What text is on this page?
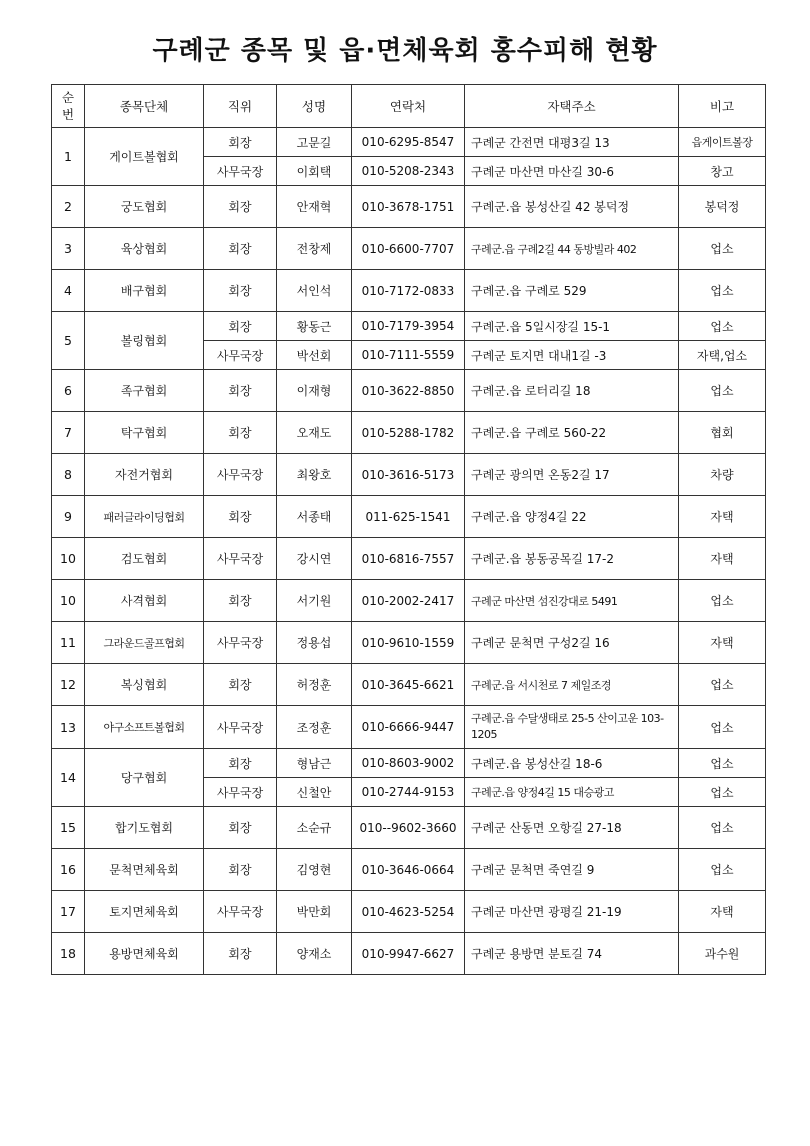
구례군 종목 및 읍·면체육회 홍수피해 현황
순
번	종목단체	직위	성명	연락처	자택주소	비고
1	게이트볼협회	회장	고문길	010-6295-8547	구례군 간전면 대평3길 13	읍게이트볼장
		사무국장	이회택	010-5208-2343	구례군 마산면 마산길 30-6	창고
2	궁도협회	회장	안재혁	010-3678-1751	구례군.읍 봉성산길 42 봉덕정	봉덕정
3	육상협회	회장	전창제	010-6600-7707	구례군.읍 구례2길 44 동방빌라 402	업소
4	배구협회	회장	서인석	010-7172-0833	구례군.읍 구례로 529	업소
5	볼링협회	회장	황동근	010-7179-3954	구례군.읍 5일시장길 15-1	업소
		사무국장	박선회	010-7111-5559	구례군 토지면 대내1길 -3	자택,업소
6	족구협회	회장	이재형	010-3622-8850	구례군.읍 로터리길 18	업소
7	탁구협회	회장	오재도	010-5288-1782	구례군.읍 구례로 560-22	협회
8	자전거협회	사무국장	최왕호	010-3616-5173	구례군 광의면 온동2길 17	차량
9	패러글라이딩협회	회장	서종태	011-625-1541	구례군.읍 양정4길 22	자택
10	검도협회	사무국장	강시연	010-6816-7557	구례군.읍 봉동공목길 17-2	자택
10	사격협회	회장	서기원	010-2002-2417	구례군 마산면 섬진강대로 5491	업소
11	그라운드골프협회	사무국장	정용섭	010-9610-1559	구례군 문척면 구성2길 16	자택
12	복싱협회	회장	허정훈	010-3645-6621	구례군.읍 서시천로 7 제일조경	업소
13	야구소프트볼협회	사무국장	조정훈	010-6666-9447	구례군.읍 수달생태로 25-5 산이고운 103-1205	업소
14	당구협회	회장	형남근	010-8603-9002	구례군.읍 봉성산길 18-6	업소
		사무국장	신철안	010-2744-9153	구례군.읍 양정4길 15 대승광고	업소
15	합기도협회	회장	소순규	010--9602-3660	구례군 산동면 오항길 27-18	업소
16	문척면체육회	회장	김영현	010-3646-0664	구례군 문척면 죽연길 9	업소
17	토지면체육회	사무국장	박만회	010-4623-5254	구례군 마산면 광평길 21-19	자택
18	용방면체육회	회장	양재소	010-9947-6627	구례군 용방면 분토길 74	과수원
